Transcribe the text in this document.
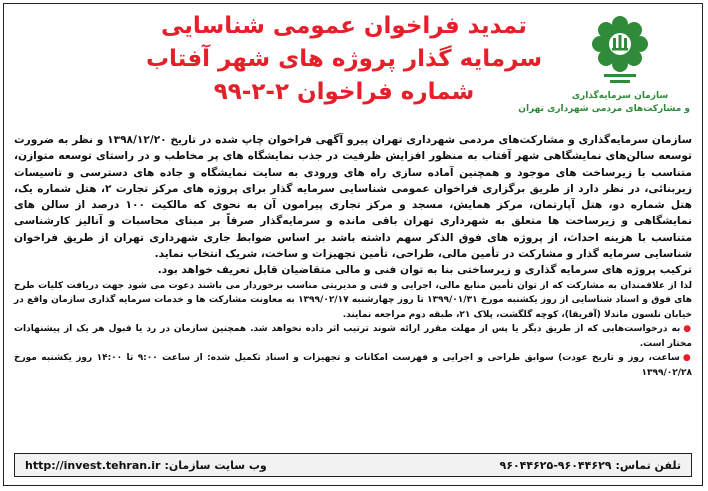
سازمان سرمایه‌گذاری
و مشارکت‌های مردمی شهرداری تهران
تمدید فراخوان عمومی شناسایی
سرمایه گذار پروژه های شهر آفتاب
شماره فراخوان ۲-۲-۹۹

سازمان سرمایه‌گذاری و مشارکت‌های مردمی شهرداری تهران پیرو آگهی فراخوان چاپ شده در تاریخ ۱۳۹۸/۱۲/۲۰ و نظر به ضرورت توسعه سالن‌های نمایشگاهی شهر آفتاب به منظور افزایش ظرفیت در جذب نمایشگاه های پر مخاطب و در راستای توسعه متوازن، متناسب با زیرساخت های موجود و همچنین آماده سازی راه های ورودی به سایت نمایشگاه و جاده های دسترسی و تاسیسات زیربنائی، در نظر دارد از طریق برگزاری فراخوان عمومی شناسایی سرمایه گذار برای پروژه های مرکز تجارت ۲، هتل شماره یک، هتل شماره دو، هتل آپارتمان، مرکز همایش، مسجد و مرکز تجاری پیرامون آن به نحوی که مالکیت ۱۰۰ درصد از سالن های نمایشگاهی و زیرساخت ها متعلق به شهرداری تهران باقی مانده و سرمایه‌گذار صرفاً بر مبنای محاسبات و آنالیز کارشناسی متناسب با هزینه احداث، از پروژه های فوق الذکر سهم داشته باشد بر اساس ضوابط جاری شهرداری تهران از طریق فراخوان شناسایی سرمایه گذار و مشارکت در تأمین مالی، طراحی، تأمین تجهیزات و ساخت، شریک انتخاب نماید.

ترکیب پروژه های سرمایه گذاری و زیرساختی بنا به توان فنی و مالی متقاضیان قابل تعریف خواهد بود.

لذا از علاقمندان به مشارکت که از توان تأمین منابع مالی، اجرایی و فنی و مدیریتی مناسب برخوردار می باشند دعوت می شود جهت دریافت کلیات طرح های فوق و اسناد شناسایی از روز یکشنبه مورخ ۱۳۹۹/۰۱/۳۱ تا روز چهارشنبه ۱۳۹۹/۰۲/۱۷ به معاونت مشارکت ها و خدمات سرمایه گذاری سازمان واقع در خیابان نلسون ماندلا (آفریقا)، کوچه گلگشت، پلاک ۲۱، طبقه دوم مراجعه نمایند.

●به درخواست‌هایی که از طریق دیگر یا پس از مهلت مقرر ارائه شوند ترتیب اثر داده نخواهد شد. همچنین سازمان در رد یا قبول هر یک از پیشنهادات مختار است.

●ساعت، روز و تاریخ عودت) سوابق طراحی و اجرایی و فهرست امکانات و تجهیزات و اسناد تکمیل شده: از ساعت ۹:۰۰ تا ۱۴:۰۰ روز یکشنبه مورخ ۱۳۹۹/۰۲/۲۸

تلفن تماس:
۹۶۰۴۴۶۲۵-۹۶۰۴۴۶۲۹
وب سایت سازمان:
http://invest.tehran.ir
